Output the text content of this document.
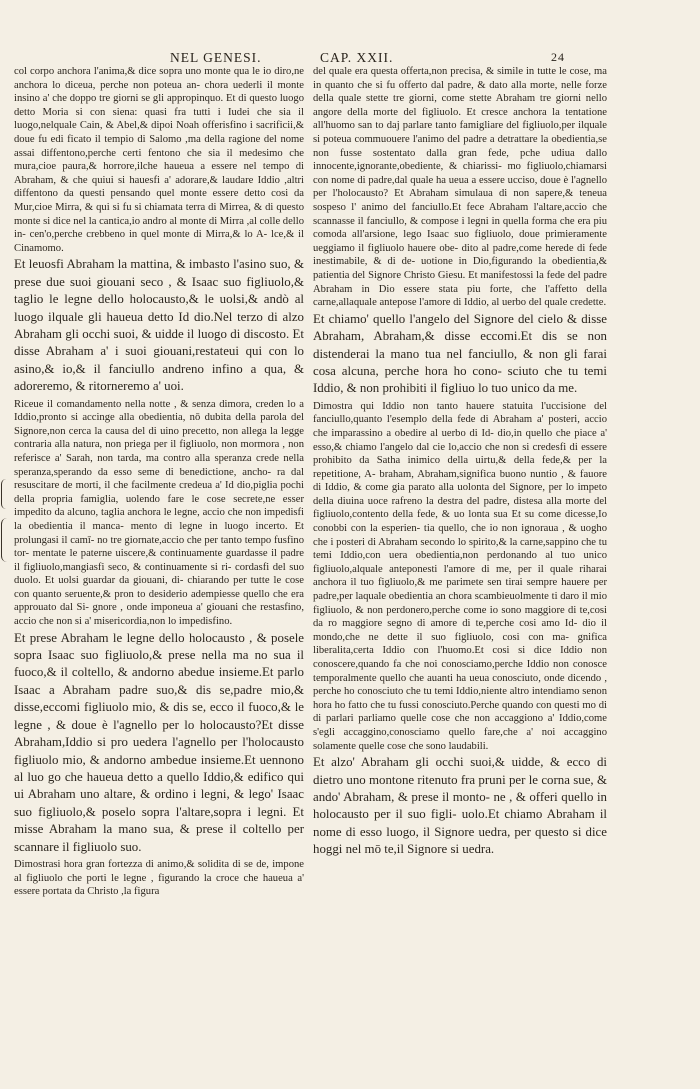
NEL GENESI.	CAP. XXII.	24

col corpo anchora l'anima,& dice sopra uno monte qua le io diro,ne anchora lo diceua, perche non poteua an- chora uederli il monte insino a' che doppo tre giorni se gli appropinquo. Et di questo luogo detto Moria si con siena: quasi fra tutti i Iudei che sia il luogo,nelquale Cain, & Abel,& dipoi Noah offerisfino i sacrificii,& doue fu edi ficato il tempio di Salomo ,ma della ragione del nome assai diffentono,perche certi fentono che sia il medesimo che mura,cioe paura,& horrore,ilche haueua a essere nel tempo di Abraham, & che quiui si hauesfi a' adorare,& laudare Iddio ,altri diffentono da questi pensando quel monte essere detto cosi da Mur,cioe Mirra, & qui si fu si chiamata terra di Mirrea, & di questo monte si dice nel la cantica,io andro al monte di Mirra ,al colle dello in- cen'o,perche crebbeno in quel monte di Mirra,& lo A- lce,& il Cinamomo.

Et leuosfi Abraham la mattina, & imbasto l'asino suo, & prese due suoi giouani seco , & Isaac suo figliuolo,& taglio le legne dello holocausto,& le uolsi,& andò al luogo ilquale gli haueua detto Id dio.Nel terzo di alzo Abraham gli occhi suoi, & uidde il luogo di discosto. Et disse Abraham a' i suoi giouani,restateui qui con lo asino,& io,& il fanciullo andreno infino a qua, & adoreremo, & ritorneremo a' uoi.

Riceue il comandamento nella notte , & senza dimora, creden lo a Iddio,pronto si accinge alla obedientia, nō dubita della parola del Signore,non cerca la causa del di uino precetto, non allega la legge contraria alla natura, non priega per il figliuolo, non mormora , non referisce a' Sarah, non tarda, ma contro alla speranza crede nella speranza,sperando da esso seme di benedictione, ancho- ra dal resuscitare de morti, il che facilmente credeua a' Id dio,piglia pochi della propria famiglia, uolendo fare le cose secrete,ne esser impedito da alcuno, taglia anchora le legne, accio che non impedisfi la obedientia il manca- mento di legne in luogo incerto. Et prolungasi il camī- no tre giornate,accio che per tanto tempo fusfino tor- mentate le paterne uiscere,& continuamente guardasse il padre il figliuolo,mangiasfi seco, & continuamente si ri- cordasfi del suo duolo. Et uolsi guardar da giouani, di- chiarando per tutte le cose con quanto seruente,& pron to desiderio adempiesse quello che era approuato dal Si- gnore , onde imponeua a' giouani che restasfino, accio che non si a' misericordia,non lo impedisfino.

Et prese Abraham le legne dello holocausto , & posele sopra Isaac suo figliuolo,& prese nella ma no sua il fuoco,& il coltello, & andorno abedue insieme.Et parlo Isaac a Abraham padre suo,& dis se,padre mio,& disse,eccomi figliuolo mio, & dis se, ecco il fuoco,& le legne , & doue è l'agnello per lo holocausto?Et disse Abraham,Iddio si pro uedera l'agnello per l'holocausto figliuolo mio, & andorno ambedue insieme.Et uennono al luo go che haueua detto a quello Iddio,& edifico qui ui Abraham uno altare, & ordino i legni, & lego' Isaac suo figliuolo,& poselo sopra l'altare,sopra i legni. Et misse Abraham la mano sua, & prese il coltello per scannare il figliuolo suo.

Dimostrasi hora gran fortezza di animo,& solidita di se de, impone al figliuolo che porti le legne , figurando la croce che haueua a' essere portata da Christo ,la figura

del quale era questa offerta,non precisa, & simile in tutte le cose, ma in quanto che si fu offerto dal padre, & dato alla morte, nelle forze della quale stette tre giorni, come stette Abraham tre giorni nello angore della morte del figliuolo. Et cresce anchora la tentatione all'huomo san to daj parlare tanto famigliare del figliuolo,per ilquale si poteua commuouere l'animo del padre a detrattare la obedientia,se non fusse sostentato dalla gran fede, pche udiua dallo innocente,ignorante,obediente, & chiarissi- mo figliuolo,chiamarsi con nome di padre,dal quale ha ueua a essere ucciso, doue è l'agnello per l'holocausto? Et Abraham simulaua di non sapere,& teneua sospeso l' animo del fanciullo.Et fece Abraham l'altare,accio che scannasse il fanciullo, & compose i legni in quella forma che era piu comoda all'arsione, lego Isaac suo figliuolo, doue primieramente ueggiamo il figliuolo hauere obe- dito al padre,come herede di fede inestimabile, & di de- uotione in Dio,figurando la obedientia,& patientia del Signore Christo Giesu. Et manifestossi la fede del padre Abraham in Dio essere stata piu forte, che l'affetto della carne,allaquale antepose l'amore di Iddio, al uerbo del quale credette.

Et chiamo' quello l'angelo del Signore del cielo & disse Abraham, Abraham,& disse eccomi.Et dis se non distenderai la mano tua nel fanciullo, & non gli farai cosa alcuna, perche hora ho cono- sciuto che tu temi Iddio, & non prohibiti il figliuo lo tuo unico da me.

Dimostra qui Iddio non tanto hauere statuita l'uccisione del fanciullo,quanto l'esemplo della fede di Abraham a' posteri, accio che imparassino a obedire al uerbo di Id- dio,in quello che piace a' esso,& chiamo l'angelo dal cie lo,accio che non si credesfi di essere prohibito da Satha inimico della uirtu,& della fede,& per la repetitione, A- braham, Abraham,significa buono nuntio , & fauore di Iddio, & come gia parato alla uolonta del Signore, per lo impeto della diuina uoce rafreno la destra del padre, distesa alla morte del figliuolo,contento della fede, & uo lonta sua Et su come dicesse,Io conobbi con la esperien- tia quello, che io non ignoraua , & uogho che i posteri di Abraham secondo lo spirito,& la carne,sappino che tu temi Iddio,con uera obedientia,non perdonando al tuo unico figliuolo,alquale anteponesti l'amore di me, per il quale riharai anchora il tuo figliuolo,& me parimete sen tirai sempre hauere per padre,per laquale obedientia an chora scambieuolmente ti daro il mio figliuolo, & non perdonero,perche come io sono maggiore di te,cosi da ro maggiore segno di amore di te,perche cosi amo Id- dio il mondo,che ne dette il suo figliuolo, cosi con ma- gnifica liberalita,certa Iddio con l'huomo.Et cosi si dice Iddio non conoscere,quando fa che noi conosciamo,perche Iddio non conosce temporalmente quello che auanti ha ueua conosciuto, onde dicendo , perche ho conosciuto che tu temi Iddio,niente altro intendiamo senon hora ho fatto che tu fussi conosciuto.Perche quando con questi mo di di parlari parliamo quelle cose che non accaggiono a' Iddio,come s'egli accaggino,conosciamo quello fare,che a' noi accaggino solamente quelle cose che sono laudabili.

Et alzo' Abraham gli occhi suoi,& uidde, & ecco di dietro uno montone ritenuto fra pruni per le corna sue, & ando' Abraham, & prese il monto- ne , & offeri quello in holocausto per il suo figli- uolo.Et chiamo Abraham il nome di esso luogo, il Signore uedra, per questo si dice hoggi nel mō te,il Signore si uedra.
